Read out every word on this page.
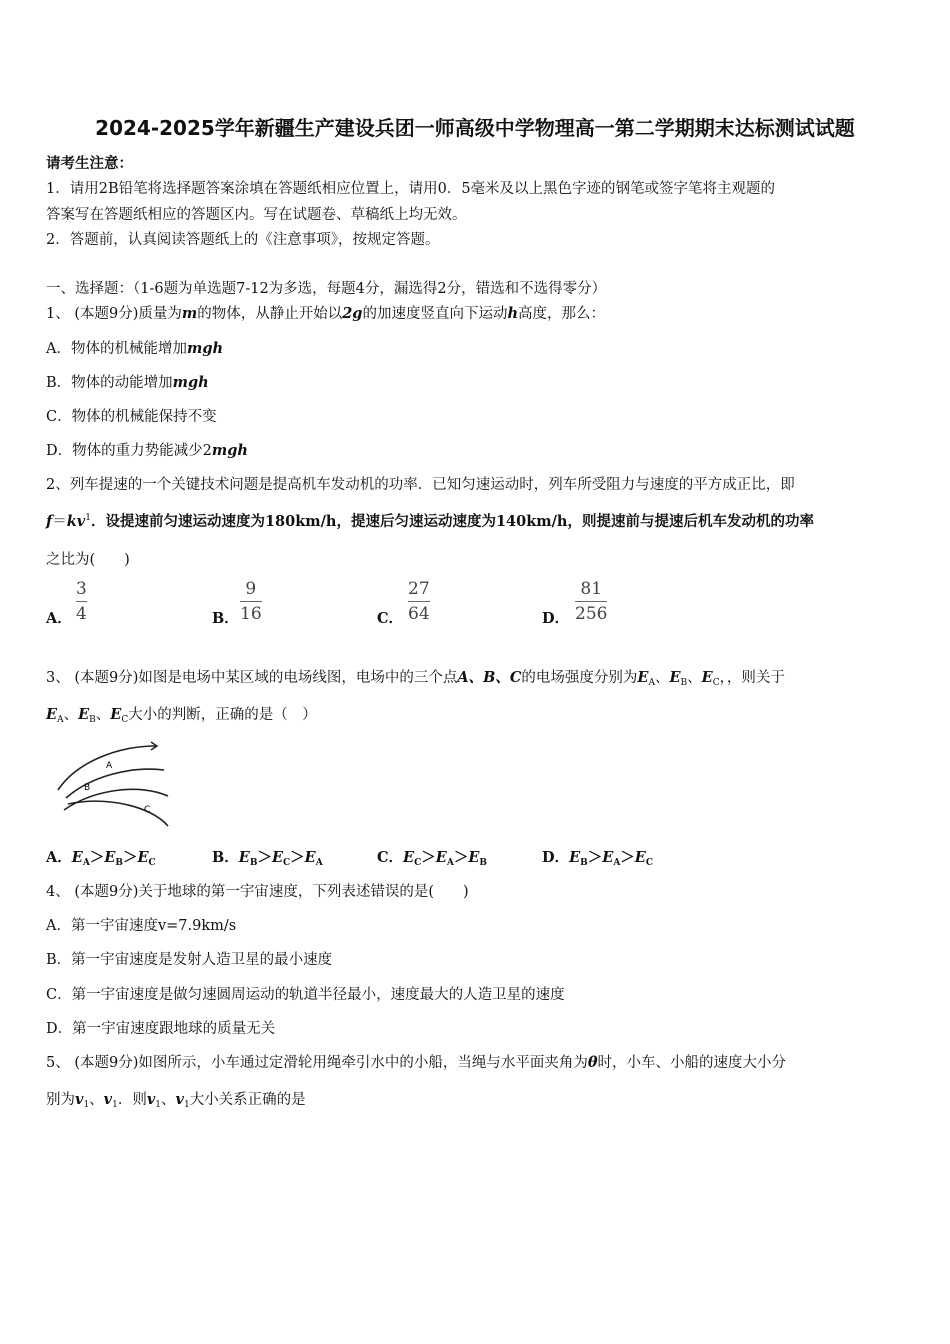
2024-2025学年新疆生产建设兵团一师高级中学物理高一第二学期期末达标测试试题
请考生注意：
1．请用2B铅笔将选择题答案涂填在答题纸相应位置上，请用0．5毫米及以上黑色字迹的钢笔或签字笔将主观题的
答案写在答题纸相应的答题区内。写在试题卷、草稿纸上均无效。
2．答题前，认真阅读答题纸上的《注意事项》，按规定答题。
一、选择题：（1-6题为单选题7-12为多选，每题4分，漏选得2分，错选和不选得零分）
1、 (本题9分)质量为m的物体，从静止开始以2g的加速度竖直向下运动h高度，那么：
A．物体的机械能增加mgh
B．物体的动能增加mgh
C．物体的机械能保持不变
D．物体的重力势能减少2mgh
2、列车提速的一个关键技术问题是提高机车发动机的功率．已知匀速运动时，列车所受阻力与速度的平方成正比，即
$f=kv^1$．设提速前匀速运动速度为180km/h，提速后匀速运动速度为140km/h，则提速前与提速后机车发动机的功率
之比为(　　)
A．
3
4	B．
9
16	C．
27
64	D．
81
256
3、 (本题9分)如图是电场中某区域的电场线图，电场中的三个点A、B、C的电场强度分别为$E_A$、$E_B$、$E_C$，，则关于
$E_A$、$E_B$、$E_C$大小的判断，正确的是（　）
A
B
C
A．$E_A>E_B>E_C$	B．$E_B>E_C>E_A$	C．$E_C>E_A>E_B$	D．$E_B>E_A>E_C$
4、 (本题9分)关于地球的第一宇宙速度，下列表述错误的是(　　)
A．第一宇宙速度v=7.9km/s
B．第一宇宙速度是发射人造卫星的最小速度
C．第一宇宙速度是做匀速圆周运动的轨道半径最小，速度最大的人造卫星的速度
D．第一宇宙速度跟地球的质量无关
5、 (本题9分)如图所示，小车通过定滑轮用绳牵引水中的小船，当绳与水平面夹角为θ时，小车、小船的速度大小分
别为$v_1$、$v_1$．则$v_1$、$v_1$大小关系正确的是
